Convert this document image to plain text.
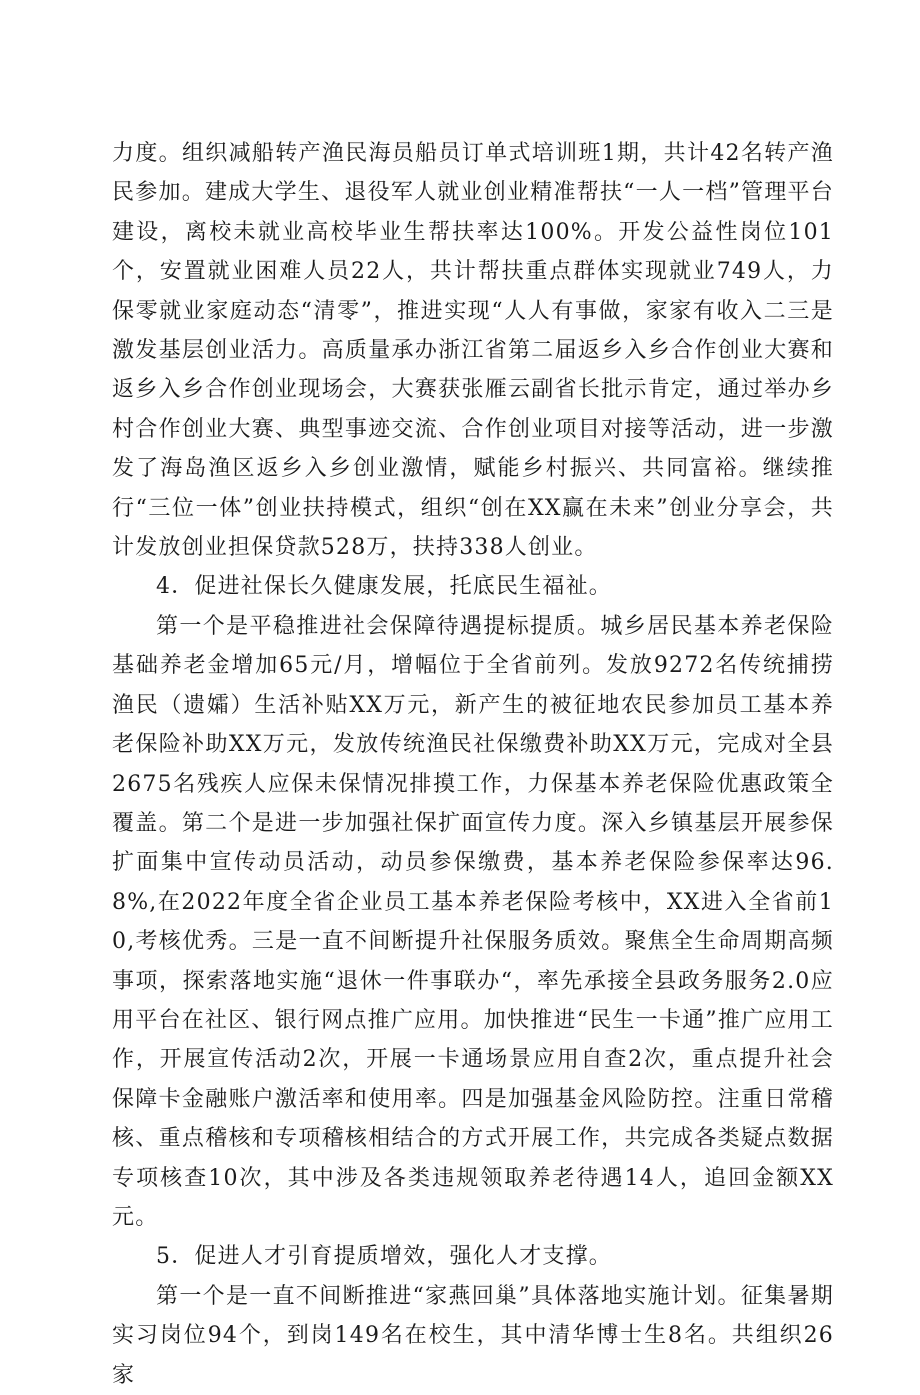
力度。组织减船转产渔民海员船员订单式培训班1期，共计42名转产渔民参加。建成大学生、退役军人就业创业精准帮扶“一人一档”管理平台建设，离校未就业高校毕业生帮扶率达100%。开发公益性岗位101个，安置就业困难人员22人，共计帮扶重点群体实现就业749人，力保零就业家庭动态“清零”，推进实现“人人有事做，家家有收入二三是激发基层创业活力。高质量承办浙江省第二届返乡入乡合作创业大赛和返乡入乡合作创业现场会，大赛获张雁云副省长批示肯定，通过举办乡村合作创业大赛、典型事迹交流、合作创业项目对接等活动，进一步激发了海岛渔区返乡入乡创业激情，赋能乡村振兴、共同富裕。继续推行“三位一体”创业扶持模式，组织“创在XX赢在未来”创业分享会，共计发放创业担保贷款528万，扶持338人创业。

4．促进社保长久健康发展，托底民生福祉。

第一个是平稳推进社会保障待遇提标提质。城乡居民基本养老保险基础养老金增加65元/月，增幅位于全省前列。发放9272名传统捕捞渔民（遗孀）生活补贴XX万元，新产生的被征地农民参加员工基本养老保险补助XX万元，发放传统渔民社保缴费补助XX万元，完成对全县2675名残疾人应保未保情况排摸工作，力保基本养老保险优惠政策全覆盖。第二个是进一步加强社保扩面宣传力度。深入乡镇基层开展参保扩面集中宣传动员活动，动员参保缴费，基本养老保险参保率达96.8%,在2022年度全省企业员工基本养老保险考核中，XX进入全省前10,考核优秀。三是一直不间断提升社保服务质效。聚焦全生命周期高频事项，探索落地实施“退休一件事联办“，率先承接全县政务服务2.0应用平台在社区、银行网点推广应用。加快推进“民生一卡通”推广应用工作，开展宣传活动2次，开展一卡通场景应用自查2次，重点提升社会保障卡金融账户激活率和使用率。四是加强基金风险防控。注重日常稽核、重点稽核和专项稽核相结合的方式开展工作，共完成各类疑点数据专项核查10次，其中涉及各类违规领取养老待遇14人，追回金额XX元。

5．促进人才引育提质增效，强化人才支撑。

第一个是一直不间断推进“家燕回巢”具体落地实施计划。征集暑期实习岗位94个，到岗149名在校生，其中清华博士生8名。共组织26家
